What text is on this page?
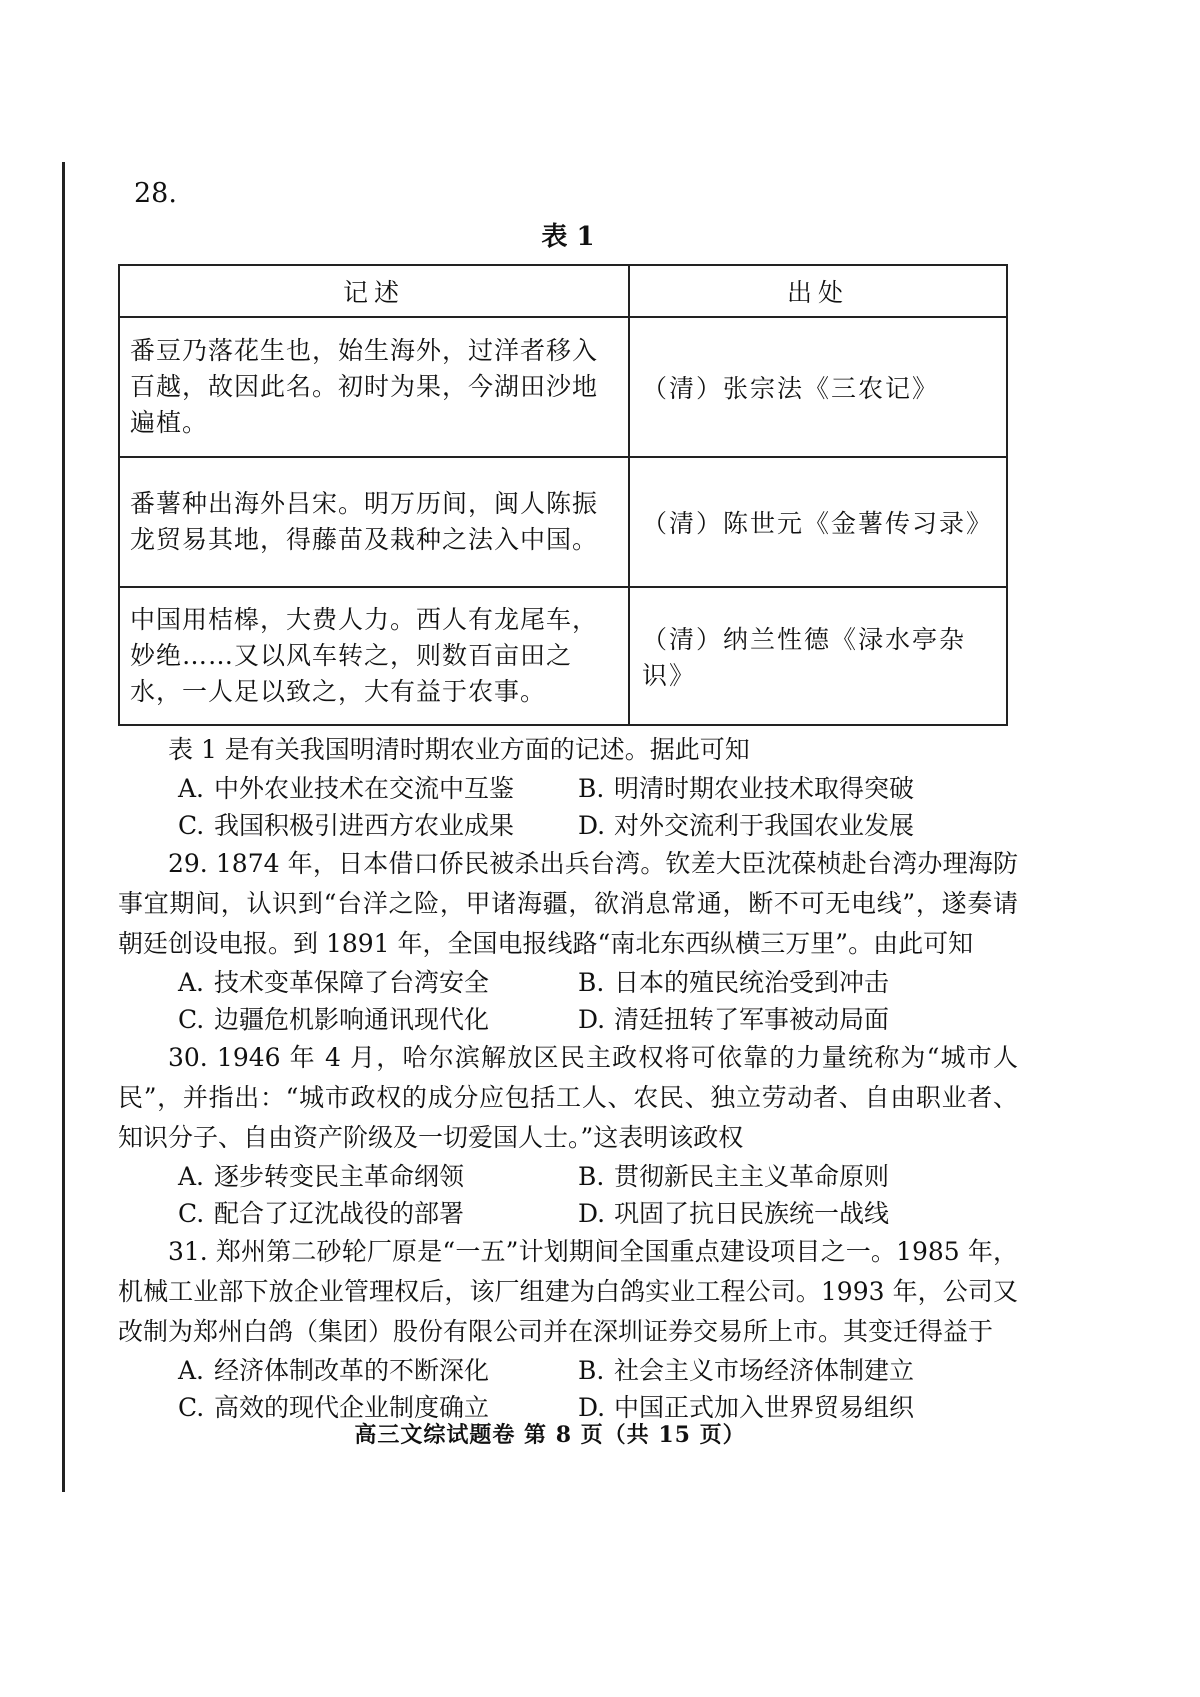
28.
表 1
记述	出处
番豆乃落花生也，始生海外，过洋者移入百越，故因此名。初时为果，今湖田沙地遍植。	（清）张宗法《三农记》
番薯种出海外吕宋。明万历间，闽人陈振龙贸易其地，得藤苗及栽种之法入中国。	（清）陈世元《金薯传习录》
中国用桔槔，大费人力。西人有龙尾车，妙绝……又以风车转之，则数百亩田之水，一人足以致之，大有益于农事。	（清）纳兰性德《渌水亭杂识》

表 1 是有关我国明清时期农业方面的记述。据此可知

A. 中外农业技术在交流中互鉴	B. 明清时期农业技术取得突破
C. 我国积极引进西方农业成果	D. 对外交流利于我国农业发展

29. 1874 年，日本借口侨民被杀出兵台湾。钦差大臣沈葆桢赴台湾办理海防事宜期间，认识到“台洋之险，甲诸海疆，欲消息常通，断不可无电线”，遂奏请朝廷创设电报。到 1891 年，全国电报线路“南北东西纵横三万里”。由此可知

A. 技术变革保障了台湾安全	B. 日本的殖民统治受到冲击
C. 边疆危机影响通讯现代化	D. 清廷扭转了军事被动局面

30. 1946 年 4 月，哈尔滨解放区民主政权将可依靠的力量统称为“城市人民”，并指出：“城市政权的成分应包括工人、农民、独立劳动者、自由职业者、知识分子、自由资产阶级及一切爱国人士。”这表明该政权

A. 逐步转变民主革命纲领	B. 贯彻新民主主义革命原则
C. 配合了辽沈战役的部署	D. 巩固了抗日民族统一战线

31. 郑州第二砂轮厂原是“一五”计划期间全国重点建设项目之一。1985 年，机械工业部下放企业管理权后，该厂组建为白鸽实业工程公司。1993 年，公司又改制为郑州白鸽（集团）股份有限公司并在深圳证券交易所上市。其变迁得益于

A. 经济体制改革的不断深化	B. 社会主义市场经济体制建立
C. 高效的现代企业制度确立	D. 中国正式加入世界贸易组织
高三文综试题卷 第 8 页（共 15 页）
